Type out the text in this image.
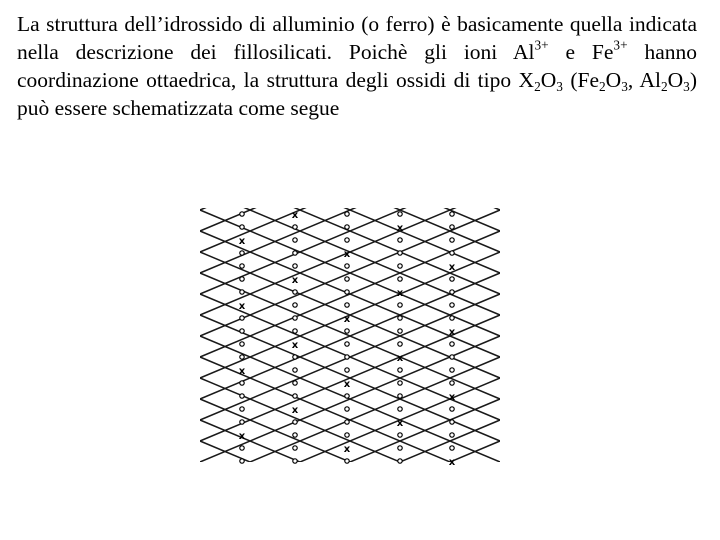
La struttura dell’idrossido di alluminio (o ferro) è basicamente quella indicata nella descrizione dei fillosilicati. Poichè gli ioni $Al^{3+}$ e $Fe^{3+}$ hanno coordinazione ottaedrica, la struttura degli ossidi di tipo $X_2O_3$ ($Fe_2O_3$, $Al_2O_3$) può essere schematizzata come segue

x
x
x
x
x
x
x
x
x
x
x
x
x
x
x
x
x
x
x
x
